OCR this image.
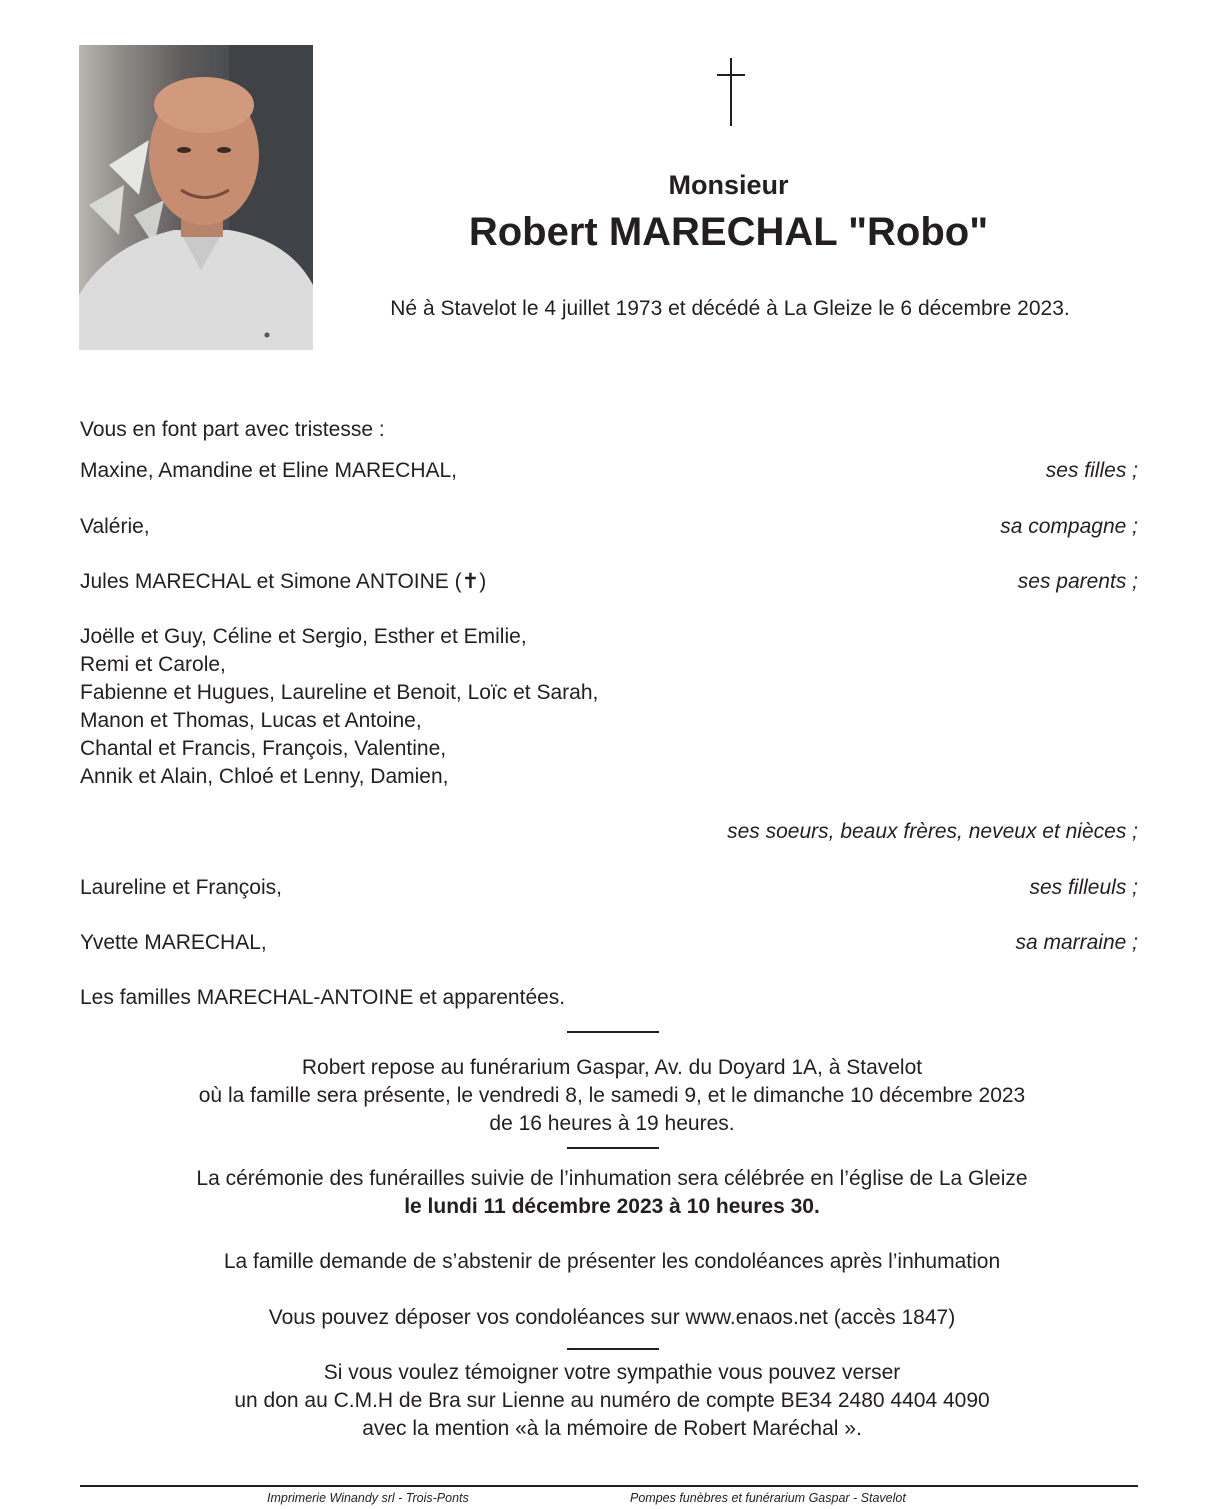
Monsieur
Robert MARECHAL "Robo"
Né à Stavelot le 4 juillet 1973 et décédé à La Gleize le 6 décembre 2023.
Vous en font part avec tristesse :
Maxine, Amandine et Eline MARECHAL,	ses filles ;
Valérie,	sa compagne ;
Jules MARECHAL et Simone ANTOINE (✝)	ses parents ;
Joëlle et Guy, Céline et Sergio, Esther et Emilie,
Remi et Carole,
Fabienne et Hugues, Laureline et Benoit, Loïc et Sarah,
Manon et Thomas, Lucas et Antoine,
Chantal et Francis, François, Valentine,
Annik et Alain, Chloé et Lenny, Damien,
ses soeurs, beaux frères, neveux et nièces ;
Laureline et François,	ses filleuls ;
Yvette MARECHAL,	sa marraine ;
Les familles MARECHAL-ANTOINE et apparentées.
Robert repose au funérarium Gaspar, Av. du Doyard 1A, à Stavelot
où la famille sera présente, le vendredi 8, le samedi 9, et le dimanche 10 décembre 2023
de 16 heures à 19 heures.
La cérémonie des funérailles suivie de l’inhumation sera célébrée en l’église de La Gleize
le lundi 11 décembre 2023 à 10 heures 30.
La famille demande de s’abstenir de présenter les condoléances après l’inhumation
Vous pouvez déposer vos condoléances sur www.enaos.net (accès 1847)
Si vous voulez témoigner votre sympathie vous pouvez verser
un don au C.M.H de Bra sur Lienne au numéro de compte BE34 2480 4404 4090
avec la mention «à la mémoire de Robert Maréchal ».
Imprimerie Winandy srl - Trois-Ponts	Pompes funèbres et funérarium Gaspar - Stavelot
